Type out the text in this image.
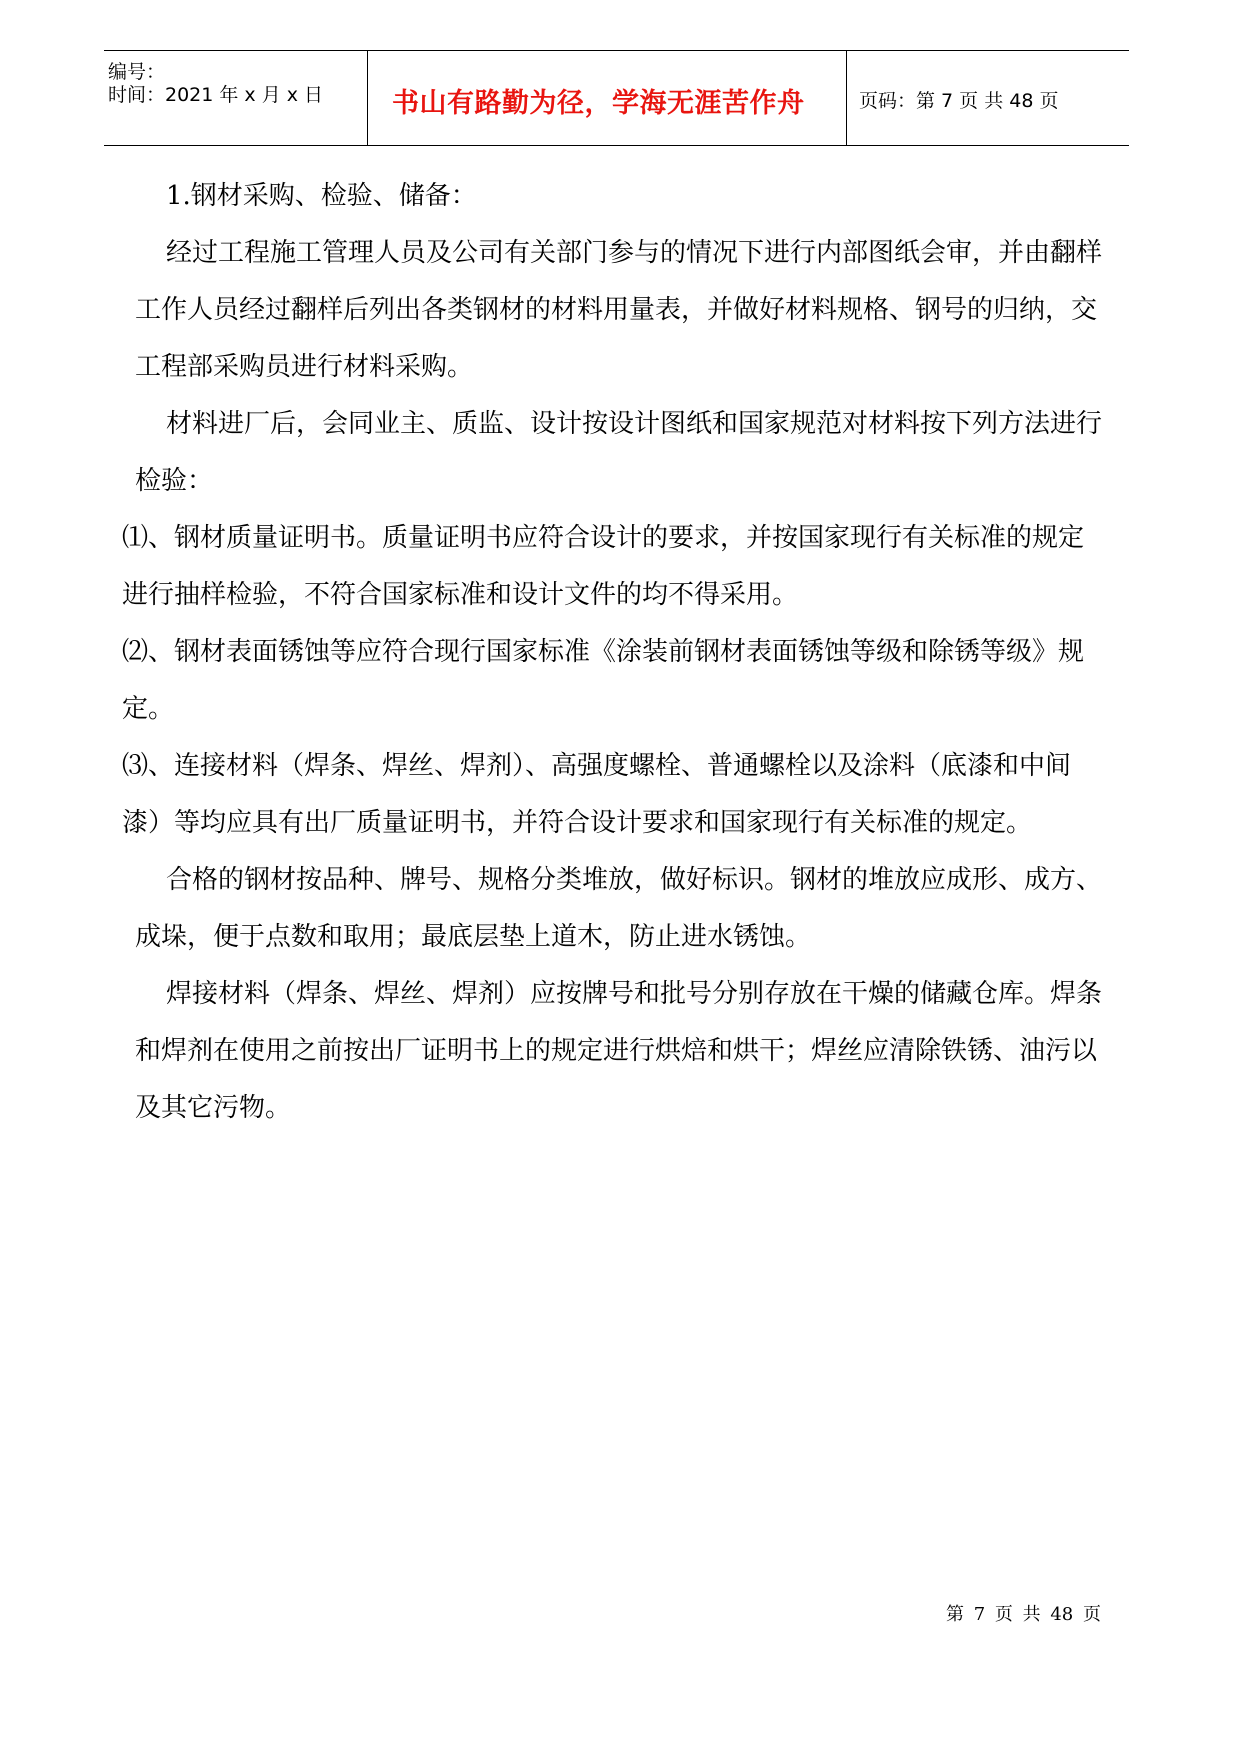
编号：
时间：2021 年 x 月 x 日	书山有路勤为径，学海无涯苦作舟	页码：第 7 页 共 48 页

1.钢材采购、检验、储备：

经过工程施工管理人员及公司有关部门参与的情况下进行内部图纸会审，并由翻样工作人员经过翻样后列出各类钢材的材料用量表，并做好材料规格、钢号的归纳，交工程部采购员进行材料采购。

材料进厂后，会同业主、质监、设计按设计图纸和国家规范对材料按下列方法进行检验：

⑴、钢材质量证明书。质量证明书应符合设计的要求，并按国家现行有关标准的规定进行抽样检验，不符合国家标准和设计文件的均不得采用。

⑵、钢材表面锈蚀等应符合现行国家标准《涂装前钢材表面锈蚀等级和除锈等级》规定。

⑶、连接材料（焊条、焊丝、焊剂）、高强度螺栓、普通螺栓以及涂料（底漆和中间漆）等均应具有出厂质量证明书，并符合设计要求和国家现行有关标准的规定。

合格的钢材按品种、牌号、规格分类堆放，做好标识。钢材的堆放应成形、成方、成垛，便于点数和取用；最底层垫上道木，防止进水锈蚀。

焊接材料（焊条、焊丝、焊剂）应按牌号和批号分别存放在干燥的储藏仓库。焊条和焊剂在使用之前按出厂证明书上的规定进行烘焙和烘干；焊丝应清除铁锈、油污以及其它污物。

第 7 页 共 48 页
